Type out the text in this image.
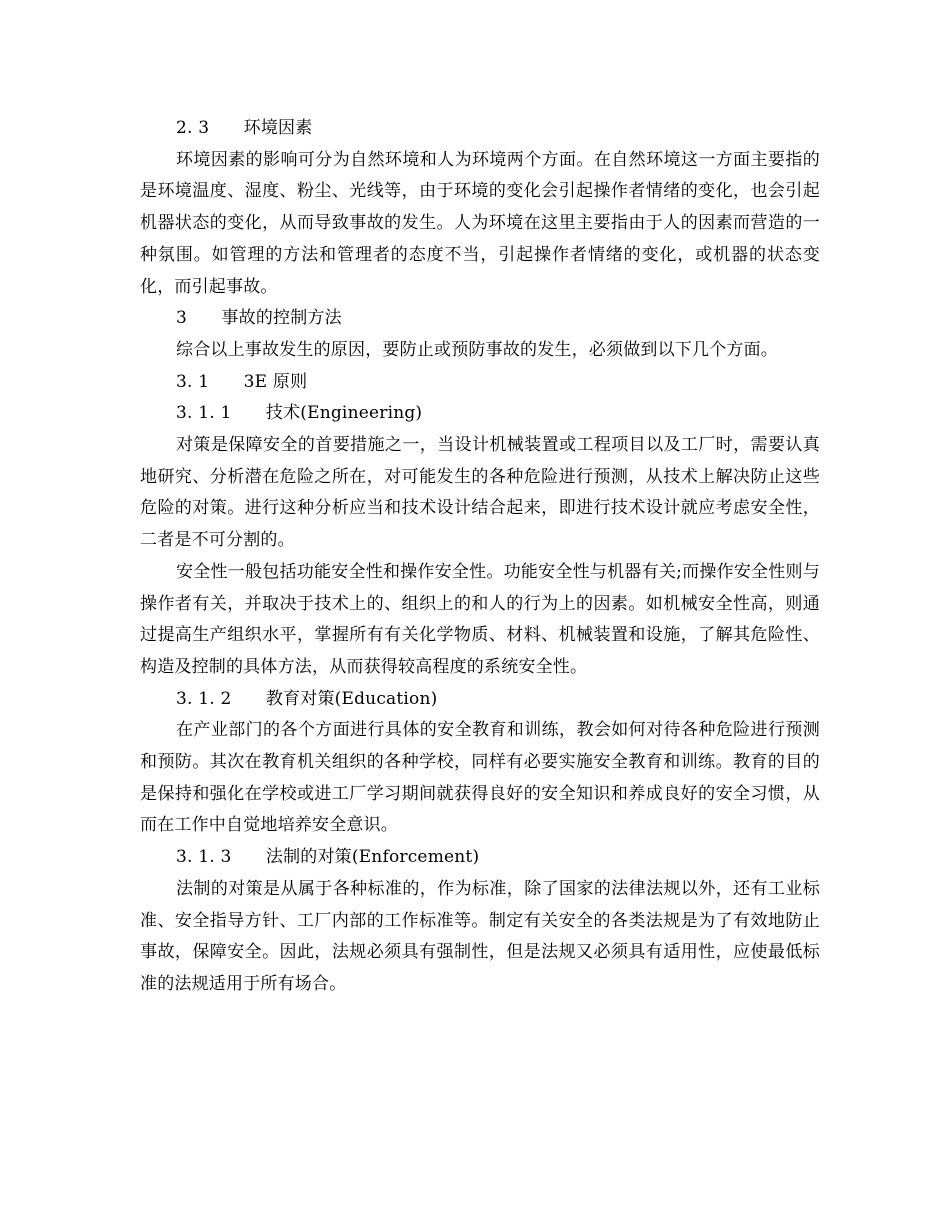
2. 3　　环境因素

环境因素的影响可分为自然环境和人为环境两个方面。在自然环境这一方面主要指的是环境温度、湿度、粉尘、光线等，由于环境的变化会引起操作者情绪的变化，也会引起机器状态的变化，从而导致事故的发生。人为环境在这里主要指由于人的因素而营造的一种氛围。如管理的方法和管理者的态度不当，引起操作者情绪的变化，或机器的状态变化，而引起事故。

3　　事故的控制方法

综合以上事故发生的原因，要防止或预防事故的发生，必须做到以下几个方面。

3. 1　　3E 原则

3. 1. 1　　技术(Engineering)

对策是保障安全的首要措施之一，当设计机械装置或工程项目以及工厂时，需要认真地研究、分析潜在危险之所在，对可能发生的各种危险进行预测，从技术上解决防止这些危险的对策。进行这种分析应当和技术设计结合起来，即进行技术设计就应考虑安全性，二者是不可分割的。

安全性一般包括功能安全性和操作安全性。功能安全性与机器有关;而操作安全性则与操作者有关，并取决于技术上的、组织上的和人的行为上的因素。如机械安全性高，则通过提高生产组织水平，掌握所有有关化学物质、材料、机械装置和设施，了解其危险性、构造及控制的具体方法，从而获得较高程度的系统安全性。

3. 1. 2　　教育对策(Education)

在产业部门的各个方面进行具体的安全教育和训练，教会如何对待各种危险进行预测和预防。其次在教育机关组织的各种学校，同样有必要实施安全教育和训练。教育的目的是保持和强化在学校或进工厂学习期间就获得良好的安全知识和养成良好的安全习惯，从而在工作中自觉地培养安全意识。

3. 1. 3　　法制的对策(Enforcement)

法制的对策是从属于各种标准的，作为标准，除了国家的法律法规以外，还有工业标准、安全指导方针、工厂内部的工作标准等。制定有关安全的各类法规是为了有效地防止事故，保障安全。因此，法规必须具有强制性，但是法规又必须具有适用性，应使最低标准的法规适用于所有场合。
